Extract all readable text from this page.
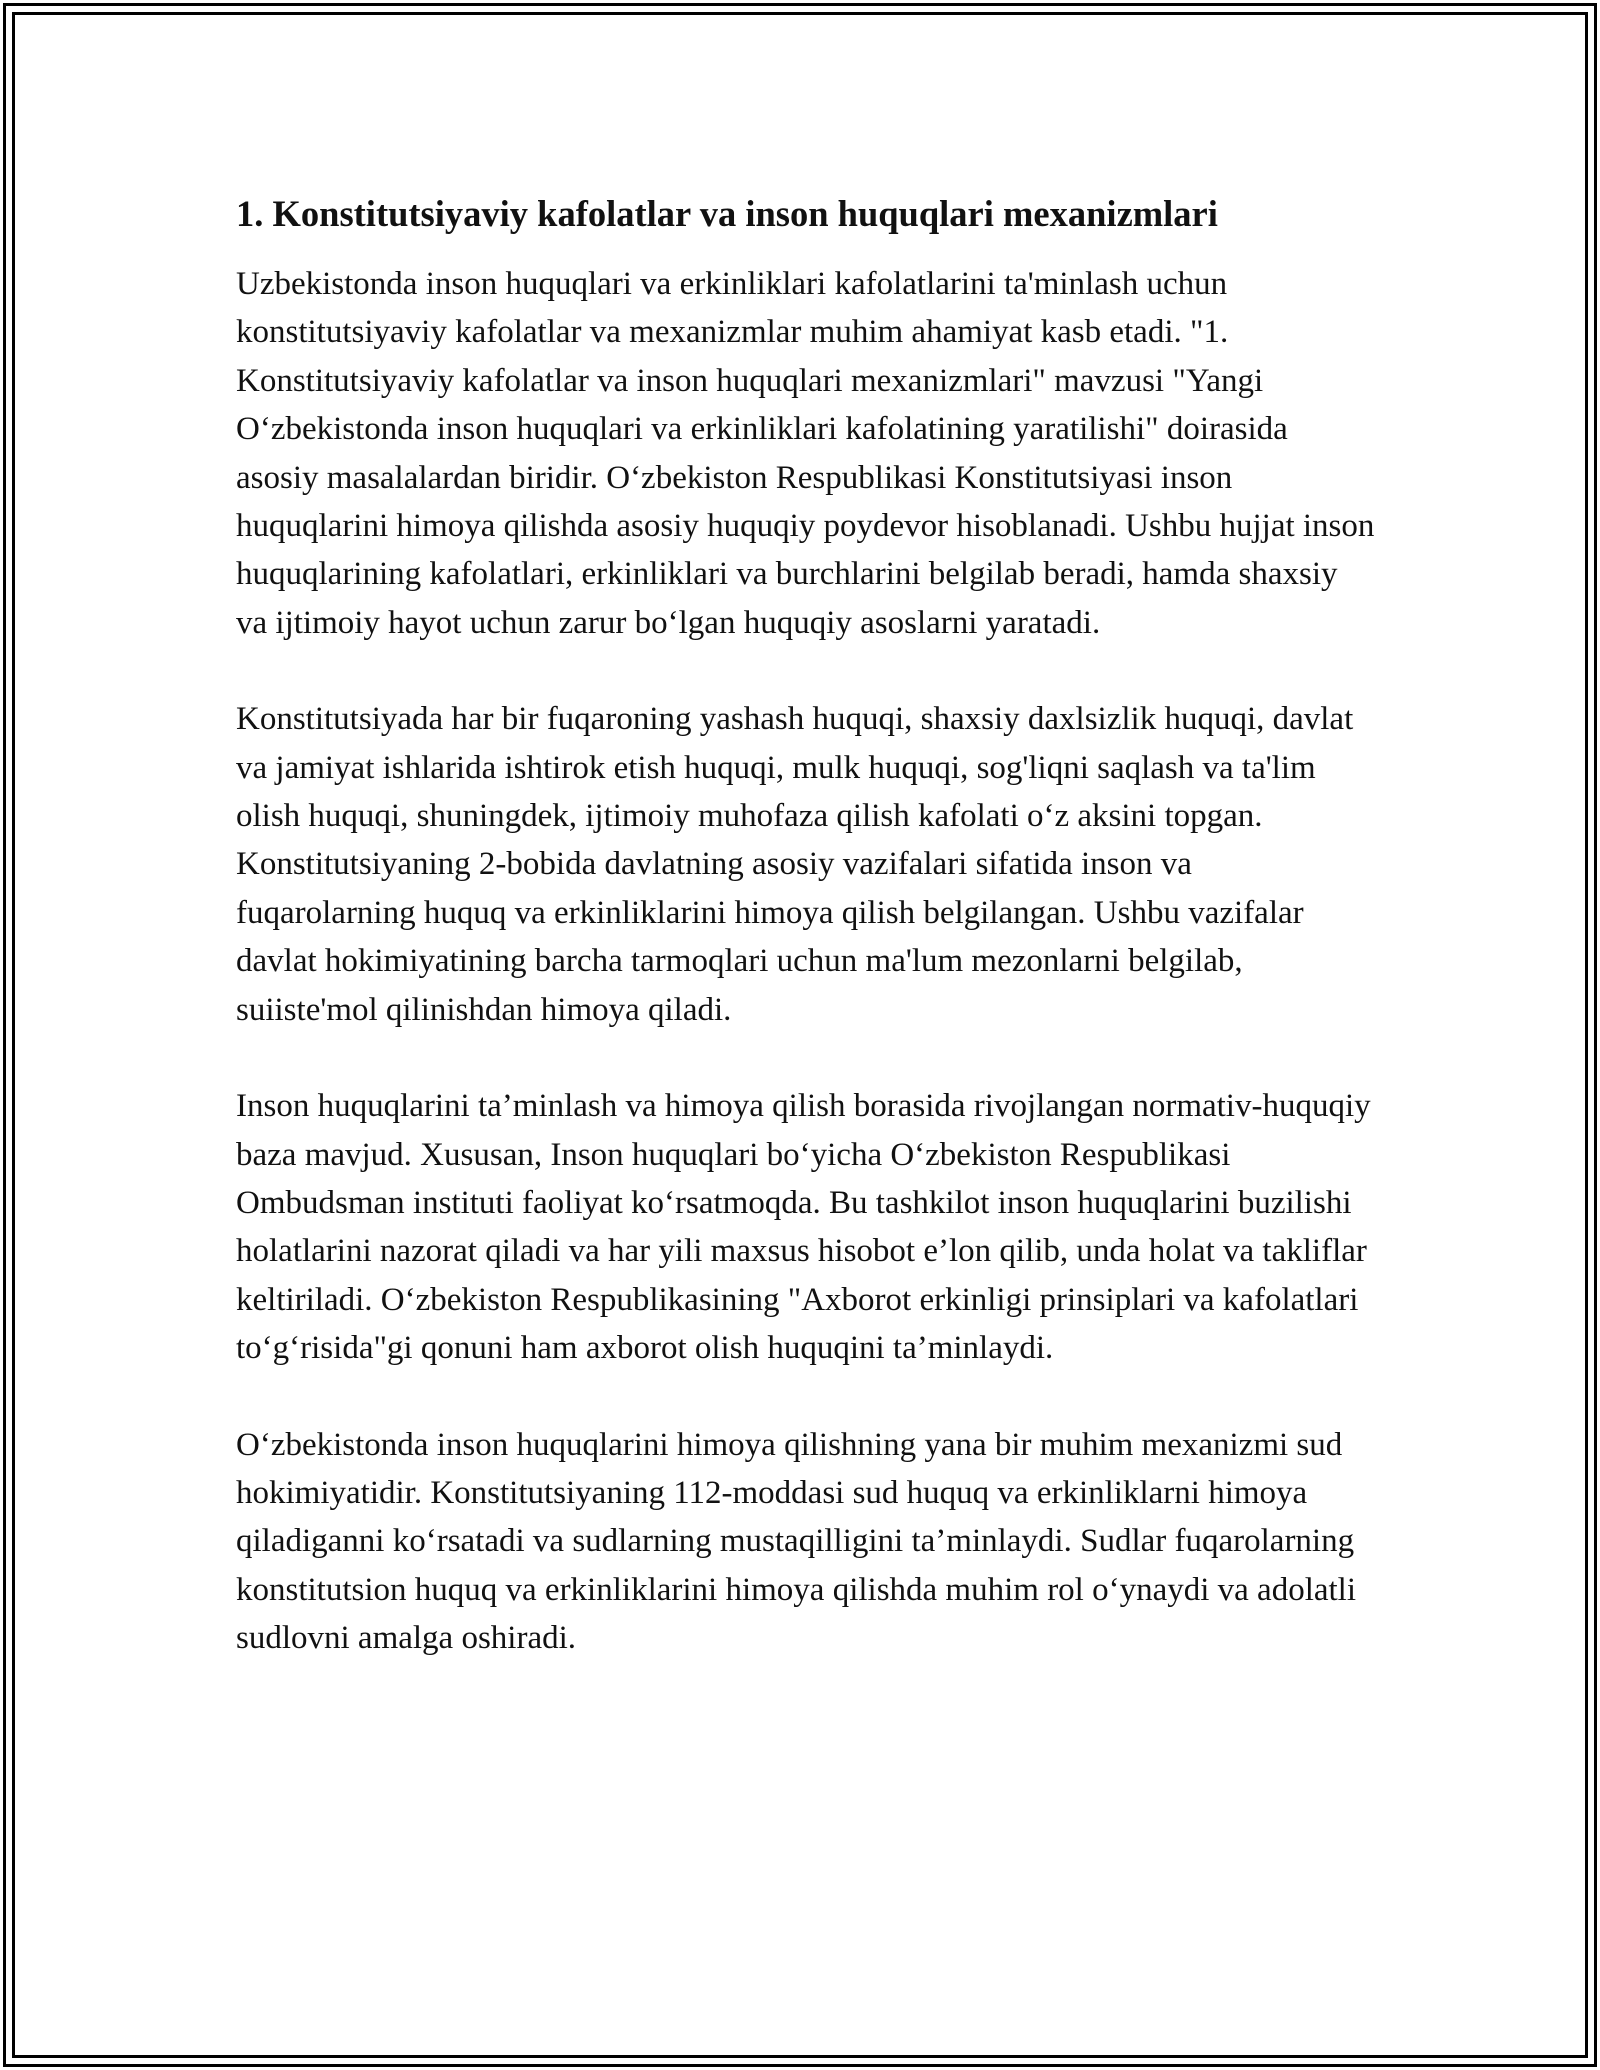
1. Konstitutsiyaviy kafolatlar va inson huquqlari mexanizmlari

Uzbekistonda inson huquqlari va erkinliklari kafolatlarini ta'minlash uchun konstitutsiyaviy kafolatlar va mexanizmlar muhim ahamiyat kasb etadi. "1. Konstitutsiyaviy kafolatlar va inson huquqlari mexanizmlari" mavzusi "Yangi O‘zbekistonda inson huquqlari va erkinliklari kafolatining yaratilishi" doirasida asosiy masalalardan biridir. O‘zbekiston Respublikasi Konstitutsiyasi inson huquqlarini himoya qilishda asosiy huquqiy poydevor hisoblanadi. Ushbu hujjat inson huquqlarining kafolatlari, erkinliklari va burchlarini belgilab beradi, hamda shaxsiy va ijtimoiy hayot uchun zarur bo‘lgan huquqiy asoslarni yaratadi.

Konstitutsiyada har bir fuqaroning yashash huquqi, shaxsiy daxlsizlik huquqi, davlat va jamiyat ishlarida ishtirok etish huquqi, mulk huquqi, sog'liqni saqlash va ta'lim olish huquqi, shuningdek, ijtimoiy muhofaza qilish kafolati o‘z aksini topgan. Konstitutsiyaning 2-bobida davlatning asosiy vazifalari sifatida inson va fuqarolarning huquq va erkinliklarini himoya qilish belgilangan. Ushbu vazifalar davlat hokimiyatining barcha tarmoqlari uchun ma'lum mezonlarni belgilab, suiiste'mol qilinishdan himoya qiladi.

Inson huquqlarini ta’minlash va himoya qilish borasida rivojlangan normativ-huquqiy baza mavjud. Xususan, Inson huquqlari bo‘yicha O‘zbekiston Respublikasi Ombudsman instituti faoliyat ko‘rsatmoqda. Bu tashkilot inson huquqlarini buzilishi holatlarini nazorat qiladi va har yili maxsus hisobot e’lon qilib, unda holat va takliflar keltiriladi. O‘zbekiston Respublikasining "Axborot erkinligi prinsiplari va kafolatlari to‘g‘risida"gi qonuni ham axborot olish huquqini ta’minlaydi.

O‘zbekistonda inson huquqlarini himoya qilishning yana bir muhim mexanizmi sud hokimiyatidir. Konstitutsiyaning 112-moddasi sud huquq va erkinliklarni himoya qiladiganni ko‘rsatadi va sudlarning mustaqilligini ta’minlaydi. Sudlar fuqarolarning konstitutsion huquq va erkinliklarini himoya qilishda muhim rol o‘ynaydi va adolatli sudlovni amalga oshiradi.
